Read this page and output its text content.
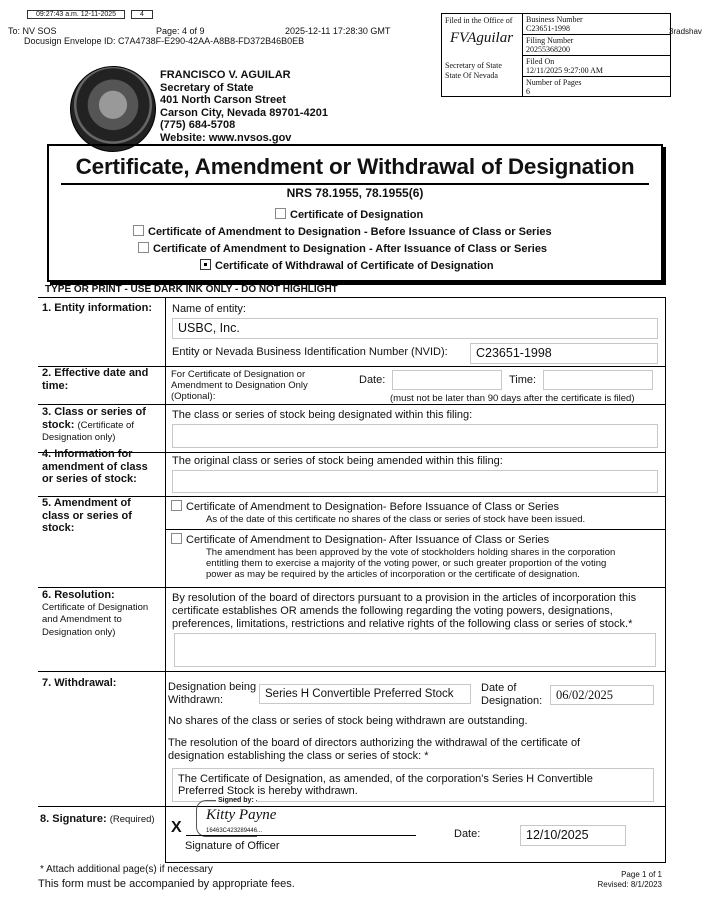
09:27:43 a.m. 12-11-2025	4
To: NV SOS	Page: 4 of 9	2025-12-11 17:28:30 GMT
Docusign Envelope ID: C7A4738F-E290-42AA-A8B8-FD372B46B0EB
3radshav
FRANCISCO V. AGUILAR
Secretary of State
401 North Carson Street
Carson City, Nevada 89701-4201
(775) 684-5708
Website: www.nvsos.gov
Filed in the Office of
FVAguilar
Secretary of State
State Of Nevada
Business Number
C23651-1998
Filing Number
20255368200
Filed On
12/11/2025 9:27:00 AM
Number of Pages
6
Certificate, Amendment or Withdrawal of Designation
NRS 78.1955, 78.1955(6)
Certificate of Designation
Certificate of Amendment to Designation - Before Issuance of Class or Series
Certificate of Amendment to Designation - After Issuance of Class or Series
Certificate of Withdrawal of Certificate of Designation
TYPE OR PRINT - USE DARK INK ONLY - DO NOT HIGHLIGHT
1. Entity information: Name of entity:
USBC, Inc.
Entity or Nevada Business Identification Number (NVID):	C23651-1998
2. Effective date and
time:
For Certificate of Designation or
Amendment to Designation Only
(Optional):
Date:	Time:
(must not be later than 90 days after the certificate is filed)
3. Class or series of
stock: (Certificate of
Designation only)
The class or series of stock being designated within this filing:
4. Information for
amendment of class
or series of stock:
The original class or series of stock being amended within this filing:
5. Amendment of
class or series of
stock:
Certificate of Amendment to Designation- Before Issuance of Class or Series
As of the date of this certificate no shares of the class or series of stock have been issued.
Certificate of Amendment to Designation- After Issuance of Class or Series
The amendment has been approved by the vote of stockholders holding shares in the corporation
entitling them to exercise a majority of the voting power, or such greater proportion of the voting
power as may be required by the articles of incorporation or the certificate of designation.
6. Resolution:
Certificate of Designation
and Amendment to
Designation only)
By resolution of the board of directors pursuant to a provision in the articles of incorporation this
certificate establishes OR amends the following regarding the voting powers, designations,
preferences, limitations, restrictions and relative rights of the following class or series of stock.*
7. Withdrawal:	Designation being
Withdrawn:	Series H Convertible Preferred Stock	Date of
Designation:	06/02/2025
No shares of the class or series of stock being withdrawn are outstanding.
The resolution of the board of directors authorizing the withdrawal of the certificate of
designation establishing the class or series of stock: *
The Certificate of Designation, as amended, of the corporation's Series H Convertible
Preferred Stock is hereby withdrawn.
8. Signature: (Required) X
Signed by:
Kitty Payne
16463C423289446...
Signature of Officer
Date:	12/10/2025
* Attach additional page(s) if necessary
This form must be accompanied by appropriate fees.
Page 1 of 1
Revised: 8/1/2023
